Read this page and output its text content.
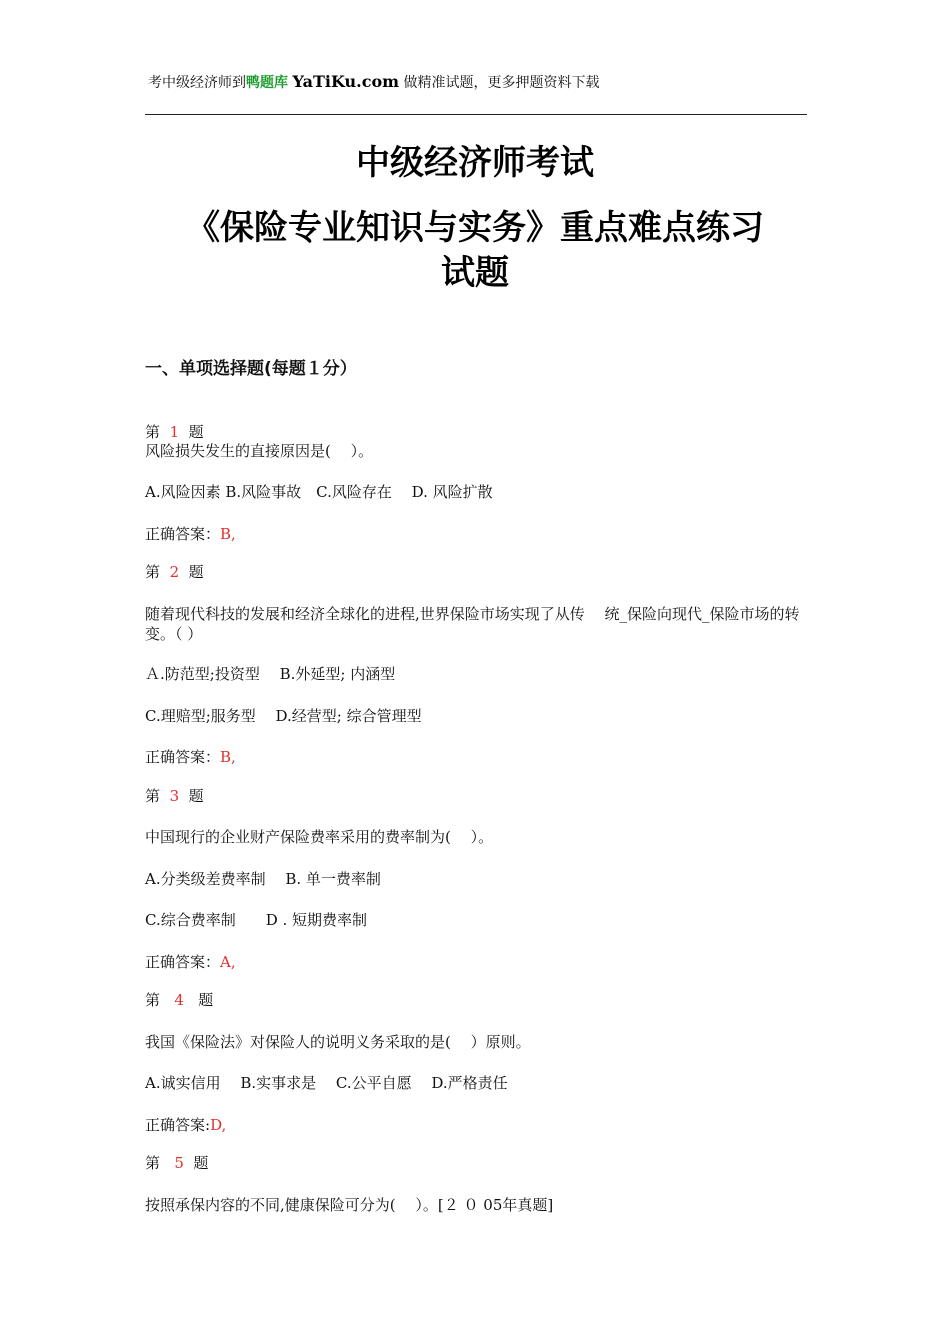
考中级经济师到鸭题库 YaTiKu.com 做精准试题，更多押题资料下载
中级经济师考试
《保险专业知识与实务》重点难点练习
试题
一、单项选择题(每题１分）
第 1 题
风险损失发生的直接原因是(　 ）。
A.风险因素 B.风险事故　C.风险存在　 D. 风险扩散
正确答案：B,
第 2 题
随着现代科技的发展和经济全球化的进程,世界保险市场实现了从传　 统_保险向现代_保险市场的转变。（ ）
Ａ.防范型;投资型　 B.外延型; 内涵型
C.理赔型;服务型　 D.经营型; 综合管理型
正确答案：B,
第 3 题
中国现行的企业财产保险费率采用的费率制为(　 ）。
A.分类级差费率制　 B. 单一费率制
C.综合费率制　　D . 短期费率制
正确答案：A,
第 4 题
我国《保险法》对保险人的说明义务采取的是(　 ）原则。
A.诚实信用　 B.实事求是　 C.公平自愿　 D.严格责任
正确答案:D,
第 5 题
按照承保内容的不同,健康保险可分为(　 ）。[２ ０ 05年真题]
